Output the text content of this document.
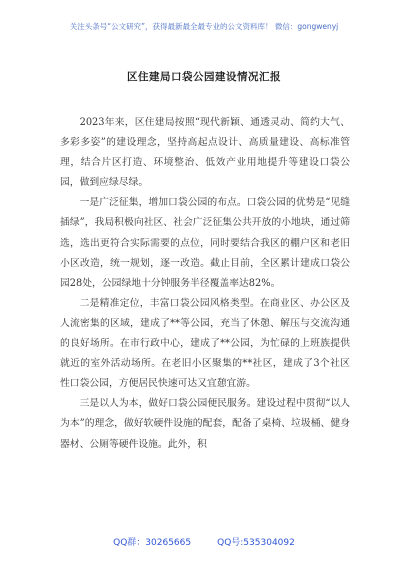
关注头条号“公文研究”，获得最新最全最专业的公文资料库！ 微信：gongwenyj
区住建局口袋公园建设情况汇报

2023年来，区住建局按照“现代新颖、通透灵动、简约大气、多彩多姿”的建设理念，坚持高起点设计、高质量建设、高标准管理，结合片区打造、环境整治、低效产业用地提升等建设口袋公园，做到应绿尽绿。

一是广泛征集，增加口袋公园的布点。口袋公园的优势是“见缝插绿”，我局积极向社区、社会广泛征集公共开放的小地块，通过筛选，选出更符合实际需要的点位，同时要结合我区的棚户区和老旧小区改造，统一规划，逐一改造。截止目前，全区累计建成口袋公园28处，公园绿地十分钟服务半径覆盖率达82%。

二是精准定位，丰富口袋公园风格类型。在商业区、办公区及人流密集的区域，建成了**等公园，充当了休憩、解压与交流沟通的良好场所。在市行政中心，建成了**公园，为忙碌的上班族提供就近的室外活动场所。在老旧小区聚集的**社区，建成了3个社区性口袋公园，方便居民快速可达又宜憩宜游。

三是以人为本，做好口袋公园便民服务。建设过程中贯彻“以人为本”的理念，做好软硬件设施的配套，配备了桌椅、垃圾桶、健身器材、公厕等硬件设施。此外，积

QQ群：30265665	QQ号:535304092
